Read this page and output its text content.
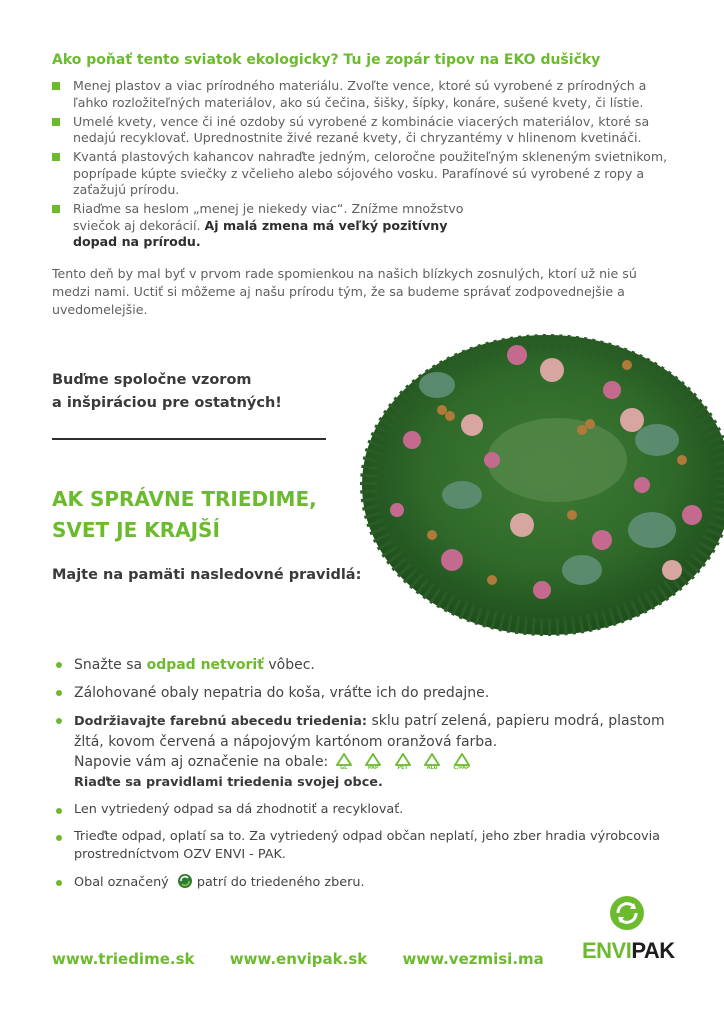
Ako poňať tento sviatok ekologicky? Tu je zopár tipov na EKO dušičky
Menej plastov a viac prírodného materiálu. Zvoľte vence, ktoré sú vyrobené z prírodných a ľahko rozložiteľných materiálov, ako sú čečina, šišky, šípky, konáre, sušené kvety, či lístie.
Umelé kvety, vence či iné ozdoby sú vyrobené z kombinácie viacerých materiálov, ktoré sa nedajú recyklovať. Uprednostnite živé rezané kvety, či chryzantémy v hlinenom kvetináči.
Kvantá plastových kahancov nahraďte jedným, celoročne použiteľným skleneným svietnikom, poprípade kúpte sviečky z včelieho alebo sójového vosku. Parafínové sú vyrobené z ropy a zaťažujú prírodu.
Riaďme sa heslom „menej je niekedy viac“. Znížme množstvo sviečok aj dekorácií. Aj malá zmena má veľký pozitívny dopad na prírodu.
Tento deň by mal byť v prvom rade spomienkou na našich blízkych zosnulých, ktorí už nie sú medzi nami. Uctiť si môžeme aj našu prírodu tým, že sa budeme správať zodpovednejšie a uvedomelejšie.
Buďme spoločne vzorom
a inšpiráciou pre ostatných!
AK SPRÁVNE TRIEDIME,
SVET JE KRAJŠÍ
Majte na pamäti nasledovné pravidlá:
Snažte sa odpad netvoriť vôbec.
Zálohované obaly nepatria do koša, vráťte ich do predajne.
Dodržiavajte farebnú abecedu triedenia: sklu patrí zelená, papieru modrá, plastom žltá, kovom červená a nápojovým kartónom oranžová farba.
Napovie vám aj označenie na obale:	GL
	PAP
	PET
	ALU
	C/PAP

Riaďte sa pravidlami triedenia svojej obce.
Len vytriedený odpad sa dá zhodnotiť a recyklovať.
Trieďte odpad, oplatí sa to. Za vytriedený odpad občan neplatí, jeho zber hradia výrobcovia prostredníctvom OZV ENVI - PAK.
Obal označený patrí do triedeného zberu.
www.triedime.sk www.envipak.sk www.vezmisi.ma	ENVIPAK
